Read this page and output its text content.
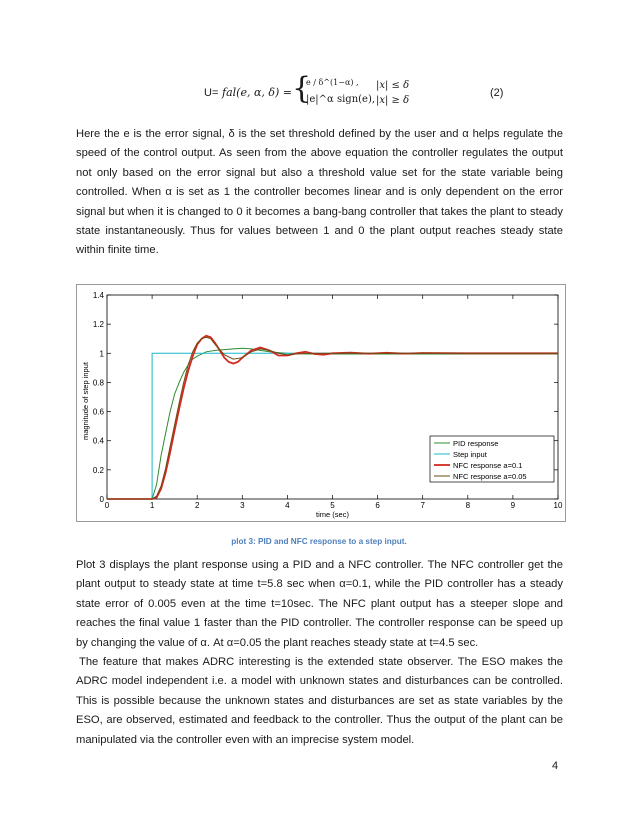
U= fal(e, α, δ) = {
e / δ^(1−α) ,
|e|^α sign(e),
|x| ≤ δ
|x| ≥ δ
(2)

Here the e is the error signal, δ is the set threshold defined by the user and α helps regulate the speed of the control output. As seen from the above equation the controller regulates the output not only based on the error signal but also a threshold value set for the state variable being controlled. When α is set as 1 the controller becomes linear and is only dependent on the error signal but when it is changed to 0 it becomes a bang-bang controller that takes the plant to steady state instantaneously. Thus for values between 1 and 0 the plant output reaches steady state within finite time.

0	1	2	3	4	5	6	7	8	9	10
0
0.2
0.4
0.6
0.8
1
1.2
1.4
time (sec)
magnitude of step input
PID response
Step input
NFC response a=0.1
NFC response a=0.05
plot 3: PID and NFC response to a step input.

Plot 3 displays the plant response using a PID and a NFC controller. The NFC controller get the plant output to steady state at time t=5.8 sec when α=0.1, while the PID controller has a steady state error of 0.005 even at the time t=10sec. The NFC plant output has a steeper slope and reaches the final value 1 faster than the PID controller. The controller response can be speed up by changing the value of α. At α=0.05 the plant reaches steady state at t=4.5 sec.

The feature that makes ADRC interesting is the extended state observer. The ESO makes the ADRC model independent i.e. a model with unknown states and disturbances can be controlled. This is possible because the unknown states and disturbances are set as state variables by the ESO, are observed, estimated and feedback to the controller. Thus the output of the plant can be manipulated via the controller even with an imprecise system model.

4
